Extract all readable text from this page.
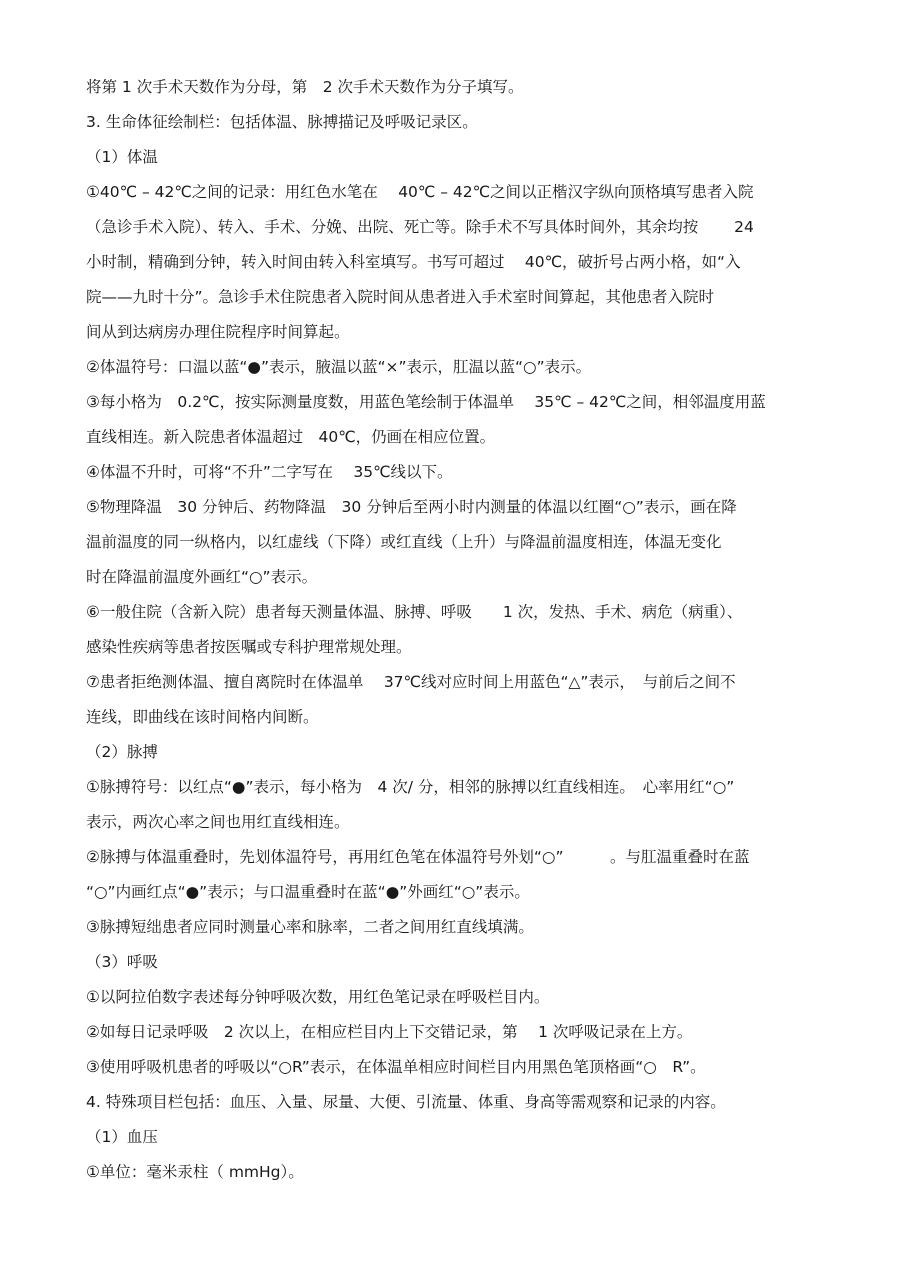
将第 1 次手术天数作为分母，第　2 次手术天数作为分子填写。
3. 生命体征绘制栏：包括体温、脉搏描记及呼吸记录区。
（1）体温
①40℃ – 42℃之间的记录：用红色水笔在　 40℃ – 42℃之间以正楷汉字纵向顶格填写患者入院
（急诊手术入院）、转入、手术、分娩、出院、死亡等。除手术不写具体时间外，其余均按　　 24
小时制，精确到分钟，转入时间由转入科室填写。书写可超过　 40℃，破折号占两小格，如“入
院——九时十分”。急诊手术住院患者入院时间从患者进入手术室时间算起，其他患者入院时
间从到达病房办理住院程序时间算起。
②体温符号：口温以蓝“●”表示，腋温以蓝“×”表示，肛温以蓝“○”表示。
③每小格为　0.2℃，按实际测量度数，用蓝色笔绘制于体温单　 35℃ – 42℃之间，相邻温度用蓝
直线相连。新入院患者体温超过　40℃，仍画在相应位置。
④体温不升时，可将“不升”二字写在　 35℃线以下。
⑤物理降温　30 分钟后、药物降温　30 分钟后至两小时内测量的体温以红圈“○”表示，画在降
温前温度的同一纵格内，以红虚线（下降）或红直线（上升）与降温前温度相连，体温无变化
时在降温前温度外画红“○”表示。
⑥一般住院（含新入院）患者每天测量体温、脉搏、呼吸　　1 次，发热、手术、病危（病重）、
感染性疾病等患者按医嘱或专科护理常规处理。
⑦患者拒绝测体温、擅自离院时在体温单　 37℃线对应时间上用蓝色“△”表示，　与前后之间不
连线，即曲线在该时间格内间断。
（2）脉搏
①脉搏符号：以红点“●”表示，每小格为　4 次/ 分，相邻的脉搏以红直线相连。　心率用红“○”
表示，两次心率之间也用红直线相连。
②脉搏与体温重叠时，先划体温符号，再用红色笔在体温符号外划“○”　　　。与肛温重叠时在蓝
“○”内画红点“●”表示；与口温重叠时在蓝“●”外画红“○”表示。
③脉搏短绌患者应同时测量心率和脉率，二者之间用红直线填满。
（3）呼吸
①以阿拉伯数字表述每分钟呼吸次数，用红色笔记录在呼吸栏目内。
②如每日记录呼吸　2 次以上，在相应栏目内上下交错记录，第　 1 次呼吸记录在上方。
③使用呼吸机患者的呼吸以“○R”表示，在体温单相应时间栏目内用黑色笔顶格画“○　R”。
4. 特殊项目栏包括：血压、入量、尿量、大便、引流量、体重、身高等需观察和记录的内容。
（1）血压
①单位：毫米汞柱（ mmHg）。
